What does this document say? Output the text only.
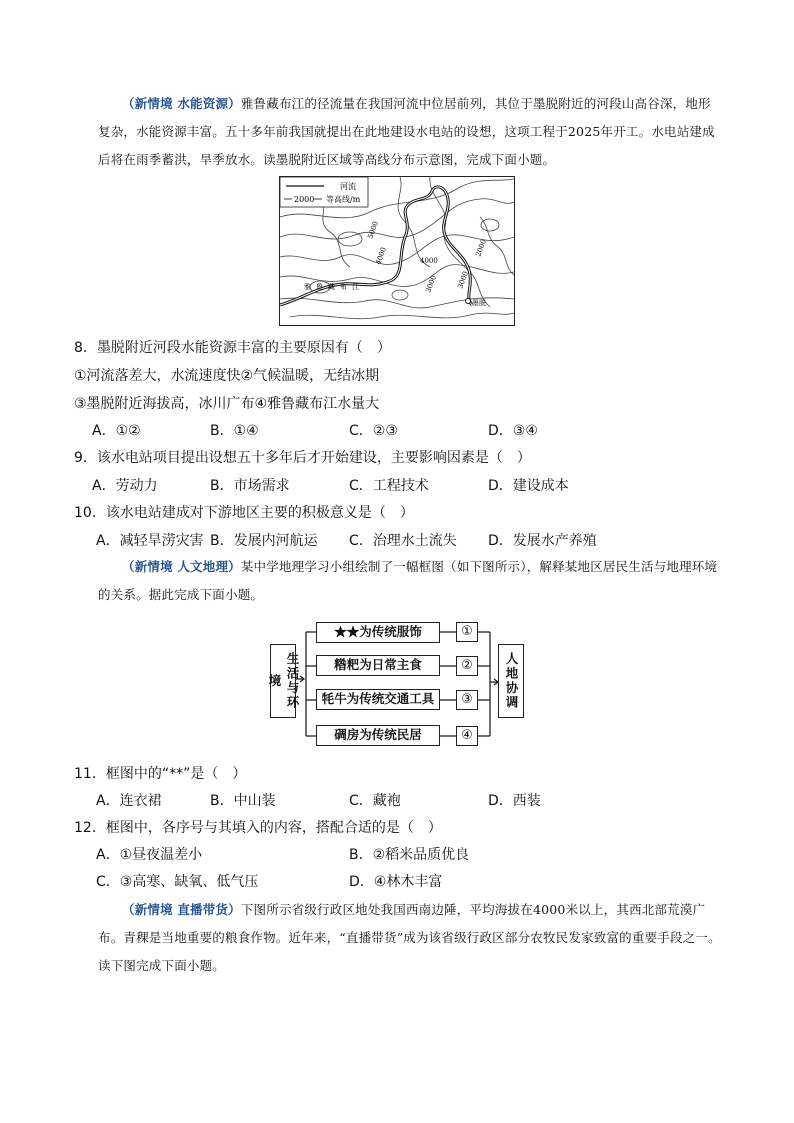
（新情境 水能资源）雅鲁藏布江的径流量在我国河流中位居前列，其位于墨脱附近的河段山高谷深，地形复杂，水能资源丰富。五十多年前我国就提出在此地建设水电站的设想，这项工程于2025年开工。水电站建成后将在雨季蓄洪，旱季放水。读墨脱附近区域等高线分布示意图，完成下面小题。
河流
2000 等高线/m
5000
4000	4000
3000	3000
2000
雅鲁藏布江
墨脱
8．墨脱附近河段水能资源丰富的主要原因有（　）
①河流落差大，水流速度快②气候温暖，无结冰期
③墨脱附近海拔高，冰川广布④雅鲁藏布江水量大
A．①②	B．①④	C．②③	D．③④
9．该水电站项目提出设想五十多年后才开始建设，主要影响因素是（　）
A．劳动力	B．市场需求	C．工程技术	D．建设成本
10．该水电站建成对下游地区主要的积极意义是（　）
A．减轻旱涝灾害 B．发展内河航运 C．治理水土流失 D．发展水产养殖
（新情境 人文地理）某中学地理学习小组绘制了一幅框图（如下图所示），解释某地区居民生活与地理环境的关系。据此完成下面小题。
生活与环境
★★为传统服饰
糌粑为日常主食
牦牛为传统交通工具
碉房为传统民居
①
②
③
④
人地协调
11．框图中的“**”是（　）
A．连衣裙	B．中山装	C．藏袍	D．西装
12．框图中，各序号与其填入的内容，搭配合适的是（　）
A．①昼夜温差小	B．②稻米品质优良
C．③高寒、缺氧、低气压	D．④林木丰富
（新情境 直播带货）下图所示省级行政区地处我国西南边陲，平均海拔在4000米以上，其西北部荒漠广布。青稞是当地重要的粮食作物。近年来，“直播带货”成为该省级行政区部分农牧民发家致富的重要手段之一。读下图完成下面小题。
